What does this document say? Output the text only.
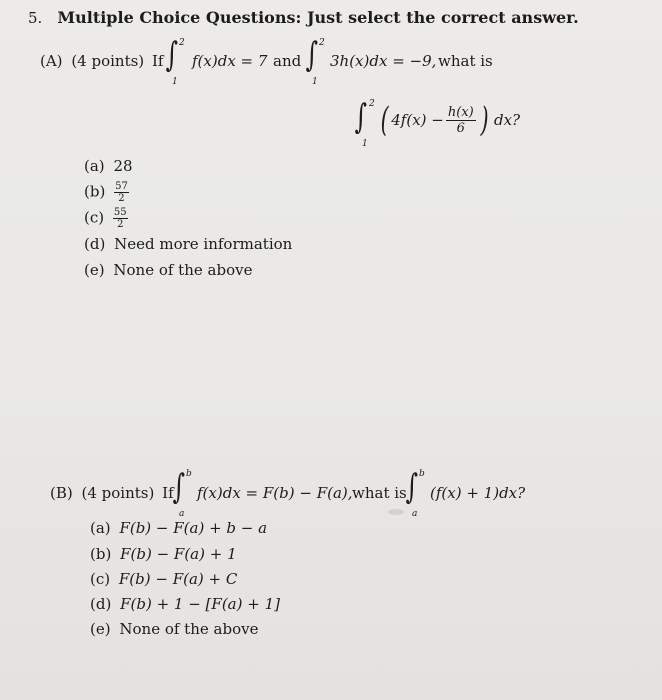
5. Multiple Choice Questions: Just select the correct answer.
(A) (4 points) If ∫ 2
1
f(x)dx = 7 and ∫ 2
1
3h(x)dx = −9, what is
∫ 2
1
( $4f(x) - \frac{h(x)}{6}$ ) dx?
(a) 28
$(b) \frac{57}{2}$
$(c) \frac{55}{2}$
(d) Need more information
(e) None of the above
(B) (4 points) If ∫ b
a
f(x)dx = F(b) − F(a), what is
∫ b
a
(f(x) + 1)dx?
(a) F(b) − F(a) + b − a
(b) F(b) − F(a) + 1
(c) F(b) − F(a) + C
(d) F(b) + 1 − [F(a) + 1]
(e) None of the above
